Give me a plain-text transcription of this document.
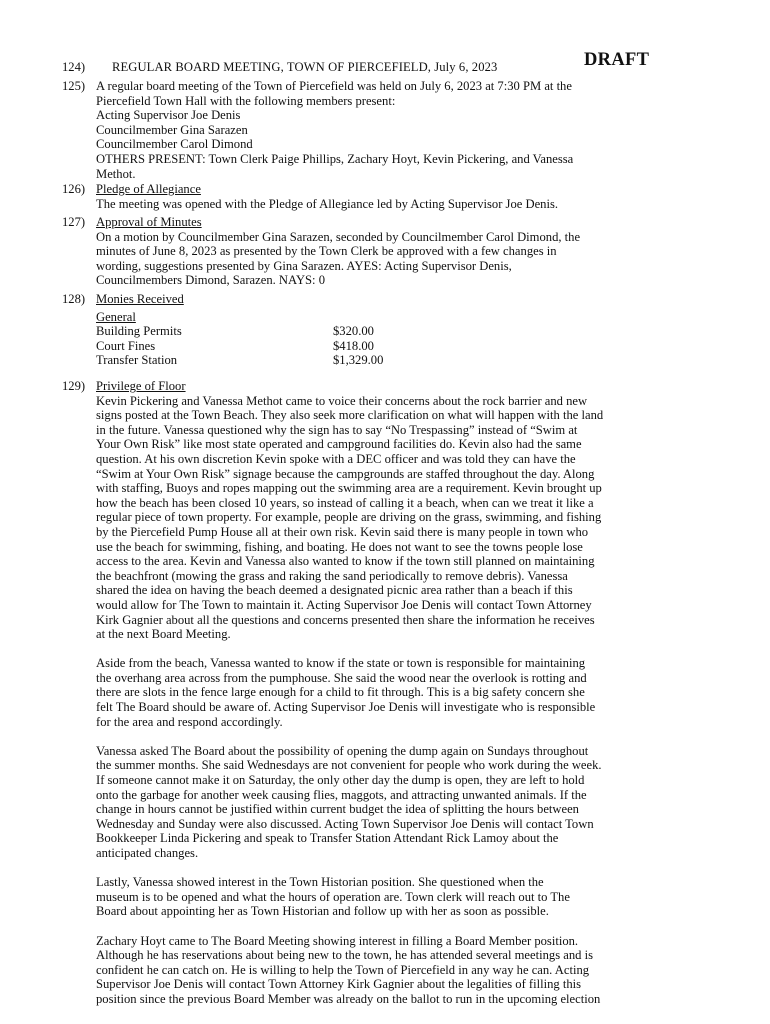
124) REGULAR BOARD MEETING, TOWN OF PIERCEFIELD, July 6, 2023	DRAFT
125) A regular board meeting of the Town of Piercefield was held on July 6, 2023 at 7:30 PM at the
Piercefield Town Hall with the following members present:
Acting Supervisor Joe Denis
Councilmember Gina Sarazen
Councilmember Carol Dimond
OTHERS PRESENT: Town Clerk Paige Phillips, Zachary Hoyt, Kevin Pickering, and Vanessa
Methot.
126) Pledge of Allegiance
The meeting was opened with the Pledge of Allegiance led by Acting Supervisor Joe Denis.
127) Approval of Minutes
On a motion by Councilmember Gina Sarazen, seconded by Councilmember Carol Dimond, the
minutes of June 8, 2023 as presented by the Town Clerk be approved with a few changes in
wording, suggestions presented by Gina Sarazen. AYES: Acting Supervisor Denis,
Councilmembers Dimond, Sarazen. NAYS: 0
128) Monies Received
General
Building Permits	$320.00
Court Fines	$418.00
Transfer Station	$1,329.00
129) Privilege of Floor
Kevin Pickering and Vanessa Methot came to voice their concerns about the rock barrier and new
signs posted at the Town Beach. They also seek more clarification on what will happen with the land
in the future. Vanessa questioned why the sign has to say “No Trespassing” instead of “Swim at
Your Own Risk” like most state operated and campground facilities do. Kevin also had the same
question. At his own discretion Kevin spoke with a DEC officer and was told they can have the
“Swim at Your Own Risk” signage because the campgrounds are staffed throughout the day. Along
with staffing, Buoys and ropes mapping out the swimming area are a requirement. Kevin brought up
how the beach has been closed 10 years, so instead of calling it a beach, when can we treat it like a
regular piece of town property. For example, people are driving on the grass, swimming, and fishing
by the Piercefield Pump House all at their own risk. Kevin said there is many people in town who
use the beach for swimming, fishing, and boating. He does not want to see the towns people lose
access to the area. Kevin and Vanessa also wanted to know if the town still planned on maintaining
the beachfront (mowing the grass and raking the sand periodically to remove debris). Vanessa
shared the idea on having the beach deemed a designated picnic area rather than a beach if this
would allow for The Town to maintain it. Acting Supervisor Joe Denis will contact Town Attorney
Kirk Gagnier about all the questions and concerns presented then share the information he receives
at the next Board Meeting.
Aside from the beach, Vanessa wanted to know if the state or town is responsible for maintaining
the overhang area across from the pumphouse. She said the wood near the overlook is rotting and
there are slots in the fence large enough for a child to fit through. This is a big safety concern she
felt The Board should be aware of. Acting Supervisor Joe Denis will investigate who is responsible
for the area and respond accordingly.
Vanessa asked The Board about the possibility of opening the dump again on Sundays throughout
the summer months. She said Wednesdays are not convenient for people who work during the week.
If someone cannot make it on Saturday, the only other day the dump is open, they are left to hold
onto the garbage for another week causing flies, maggots, and attracting unwanted animals. If the
change in hours cannot be justified within current budget the idea of splitting the hours between
Wednesday and Sunday were also discussed. Acting Town Supervisor Joe Denis will contact Town
Bookkeeper Linda Pickering and speak to Transfer Station Attendant Rick Lamoy about the
anticipated changes.
Lastly, Vanessa showed interest in the Town Historian position. She questioned when the
museum is to be opened and what the hours of operation are. Town clerk will reach out to The
Board about appointing her as Town Historian and follow up with her as soon as possible.
Zachary Hoyt came to The Board Meeting showing interest in filling a Board Member position.
Although he has reservations about being new to the town, he has attended several meetings and is
confident he can catch on. He is willing to help the Town of Piercefield in any way he can. Acting
Supervisor Joe Denis will contact Town Attorney Kirk Gagnier about the legalities of filling this
position since the previous Board Member was already on the ballot to run in the upcoming election
